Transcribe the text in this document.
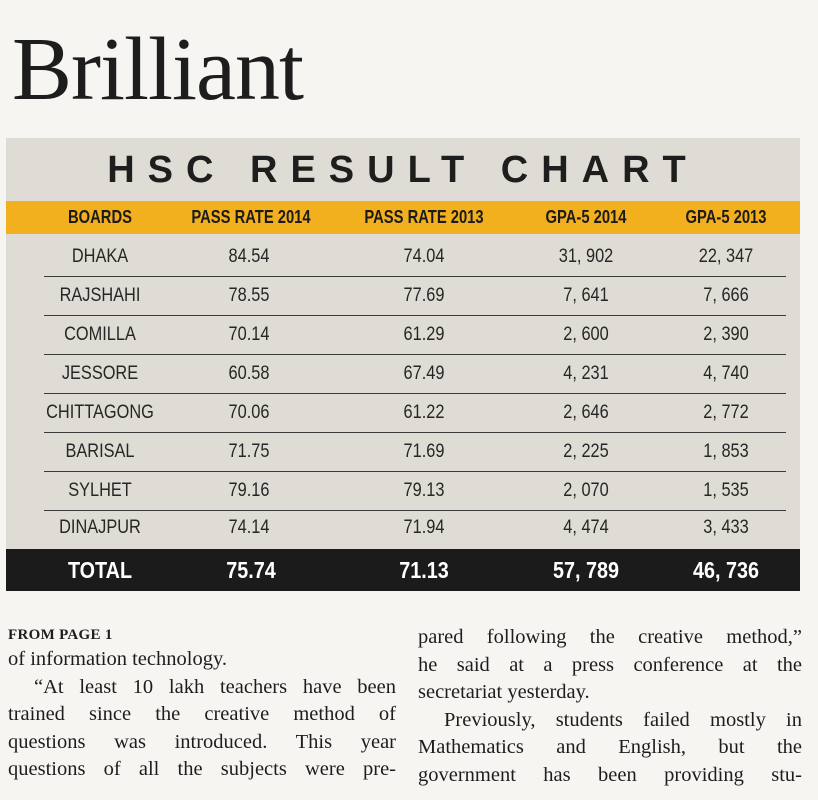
Brilliant
HSC RESULT CHART
BOARDS	PASS RATE 2014	PASS RATE 2013	GPA-5 2014	GPA-5 2013
DHAKA	84.54	74.04	31, 902	22, 347
RAJSHAHI	78.55	77.69	7, 641	7, 666
COMILLA	70.14	61.29	2, 600	2, 390
JESSORE	60.58	67.49	4, 231	4, 740
CHITTAGONG	70.06	61.22	2, 646	2, 772
BARISAL	71.75	71.69	2, 225	1, 853
SYLHET	79.16	79.13	2, 070	1, 535
DINAJPUR	74.14	71.94	4, 474	3, 433
TOTAL	75.74	71.13	57, 789	46, 736
FROM PAGE 1
of information technology.
“At least 10 lakh teachers have been
trained since the creative method of
questions was introduced. This year
questions of all the subjects were pre-
pared following the creative method,”
he said at a press conference at the
secretariat yesterday.
Previously, students failed mostly in
Mathematics and English, but the
government has been providing stu-
